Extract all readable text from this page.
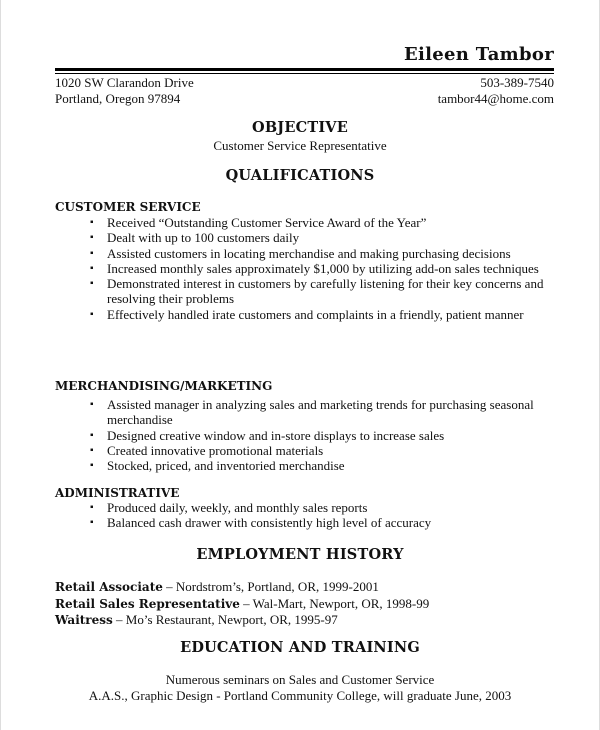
Eileen Tambor
1020 SW Clarandon Drive
Portland, Oregon 97894
503-389-7540
tambor44@home.com
OBJECTIVE
Customer Service Representative
QUALIFICATIONS
CUSTOMER SERVICE
▪ Received “Outstanding Customer Service Award of the Year”
▪ Dealt with up to 100 customers daily
▪ Assisted customers in locating merchandise and making purchasing decisions
▪ Increased monthly sales approximately $1,000 by utilizing add-on sales techniques
▪ Demonstrated interest in customers by carefully listening for their key concerns and resolving their problems
▪ Effectively handled irate customers and complaints in a friendly, patient manner
MERCHANDISING/MARKETING
▪ Assisted manager in analyzing sales and marketing trends for purchasing seasonal merchandise
▪ Designed creative window and in-store displays to increase sales
▪ Created innovative promotional materials
▪ Stocked, priced, and inventoried merchandise
ADMINISTRATIVE
▪ Produced daily, weekly, and monthly sales reports
▪ Balanced cash drawer with consistently high level of accuracy
EMPLOYMENT HISTORY
Retail Associate – Nordstrom’s, Portland, OR, 1999-2001
Retail Sales Representative – Wal-Mart, Newport, OR, 1998-99
Waitress – Mo’s Restaurant, Newport, OR, 1995-97
EDUCATION AND TRAINING
Numerous seminars on Sales and Customer Service
A.A.S., Graphic Design - Portland Community College, will graduate June, 2003
